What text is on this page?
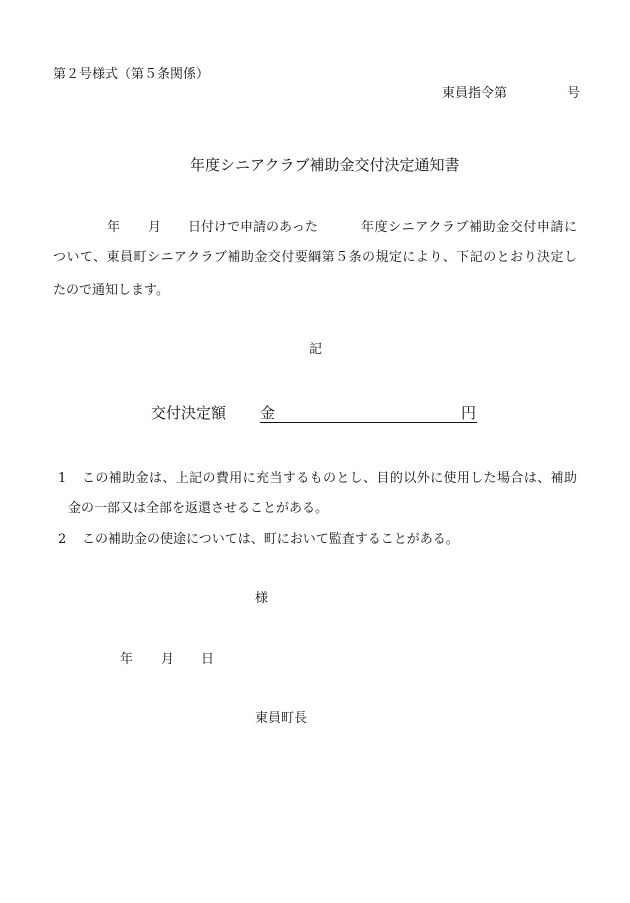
第２号様式（第５条関係）
東員指令第	号
年度シニアクラブ補助金交付決定通知書
年 月 日付けで申請のあった	年度シニアクラブ補助金交付申請に
ついて、東員町シニアクラブ補助金交付要綱第５条の規定により、下記のとおり決定し
たので通知します。
記
交付決定額 金	円
1 この補助金は、上記の費用に充当するものとし、目的以外に使用した場合は、補助
金の一部又は全部を返還させることがある。
2 この補助金の使途については、町において監査することがある。
様
年 月 日
東員町長
